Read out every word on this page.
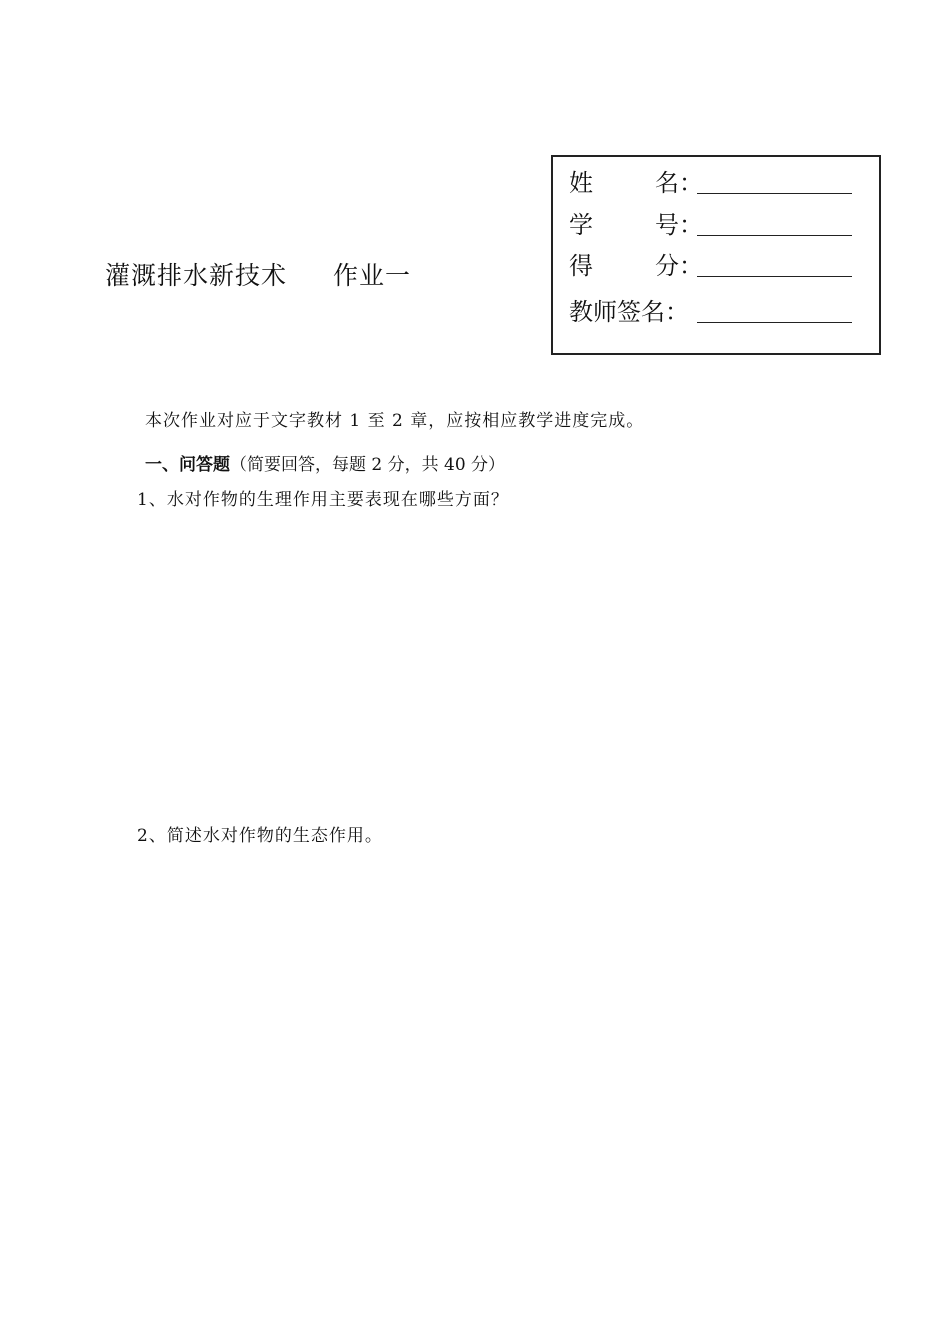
灌溉排水新技术 作业一
姓	名 ：
学	号 ：
得	分 ：
教师签名：
本次作业对应于文字教材 1 至 2 章，应按相应教学进度完成。
一、问答题（简要回答，每题 2 分，共 40 分）
1、水对作物的生理作用主要表现在哪些方面？
2、简述水对作物的生态作用。
